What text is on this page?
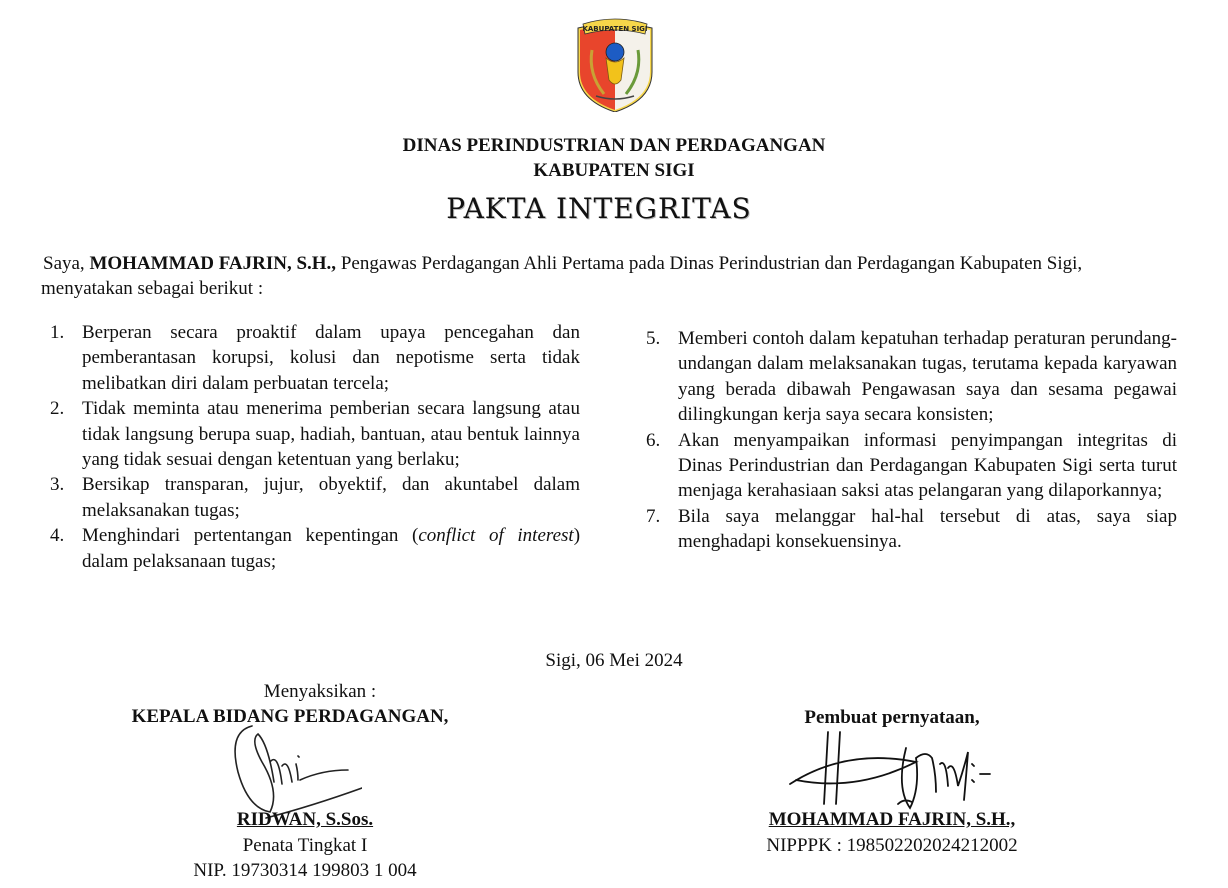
KABUPATEN SIGI
DINAS PERINDUSTRIAN DAN PERDAGANGAN
KABUPATEN SIGI
PAKTA INTEGRITAS
Saya, MOHAMMAD FAJRIN, S.H., Pengawas Perdagangan Ahli Pertama pada Dinas Perindustrian dan Perdagangan Kabupaten Sigi,
menyatakan sebagai berikut :
1. Berperan secara proaktif dalam upaya pencegahan dan pemberantasan korupsi, kolusi dan nepotisme serta tidak melibatkan diri dalam perbuatan tercela;
2. Tidak meminta atau menerima pemberian secara langsung atau tidak langsung berupa suap, hadiah, bantuan, atau bentuk lainnya yang tidak sesuai dengan ketentuan yang berlaku;
3. Bersikap transparan, jujur, obyektif, dan akuntabel dalam melaksanakan tugas;
4. Menghindari pertentangan kepentingan (conflict of interest) dalam pelaksanaan tugas;
5. Memberi contoh dalam kepatuhan terhadap peraturan perundang-undangan dalam melaksanakan tugas, terutama kepada karyawan yang berada dibawah Pengawasan saya dan sesama pegawai dilingkungan kerja saya secara konsisten;
6. Akan menyampaikan informasi penyimpangan integritas di Dinas Perindustrian dan Perdagangan Kabupaten Sigi serta turut menjaga kerahasiaan saksi atas pelangaran yang dilaporkannya;
7. Bila saya melanggar hal-hal tersebut di atas, saya siap menghadapi konsekuensinya.
Sigi, 06 Mei 2024
Menyaksikan :
KEPALA BIDANG PERDAGANGAN,
RIDWAN, S.Sos.
Penata Tingkat I
NIP. 19730314 199803 1 004
Pembuat pernyataan,
MOHAMMAD FAJRIN, S.H.,
NIPPPK : 198502202024212002
